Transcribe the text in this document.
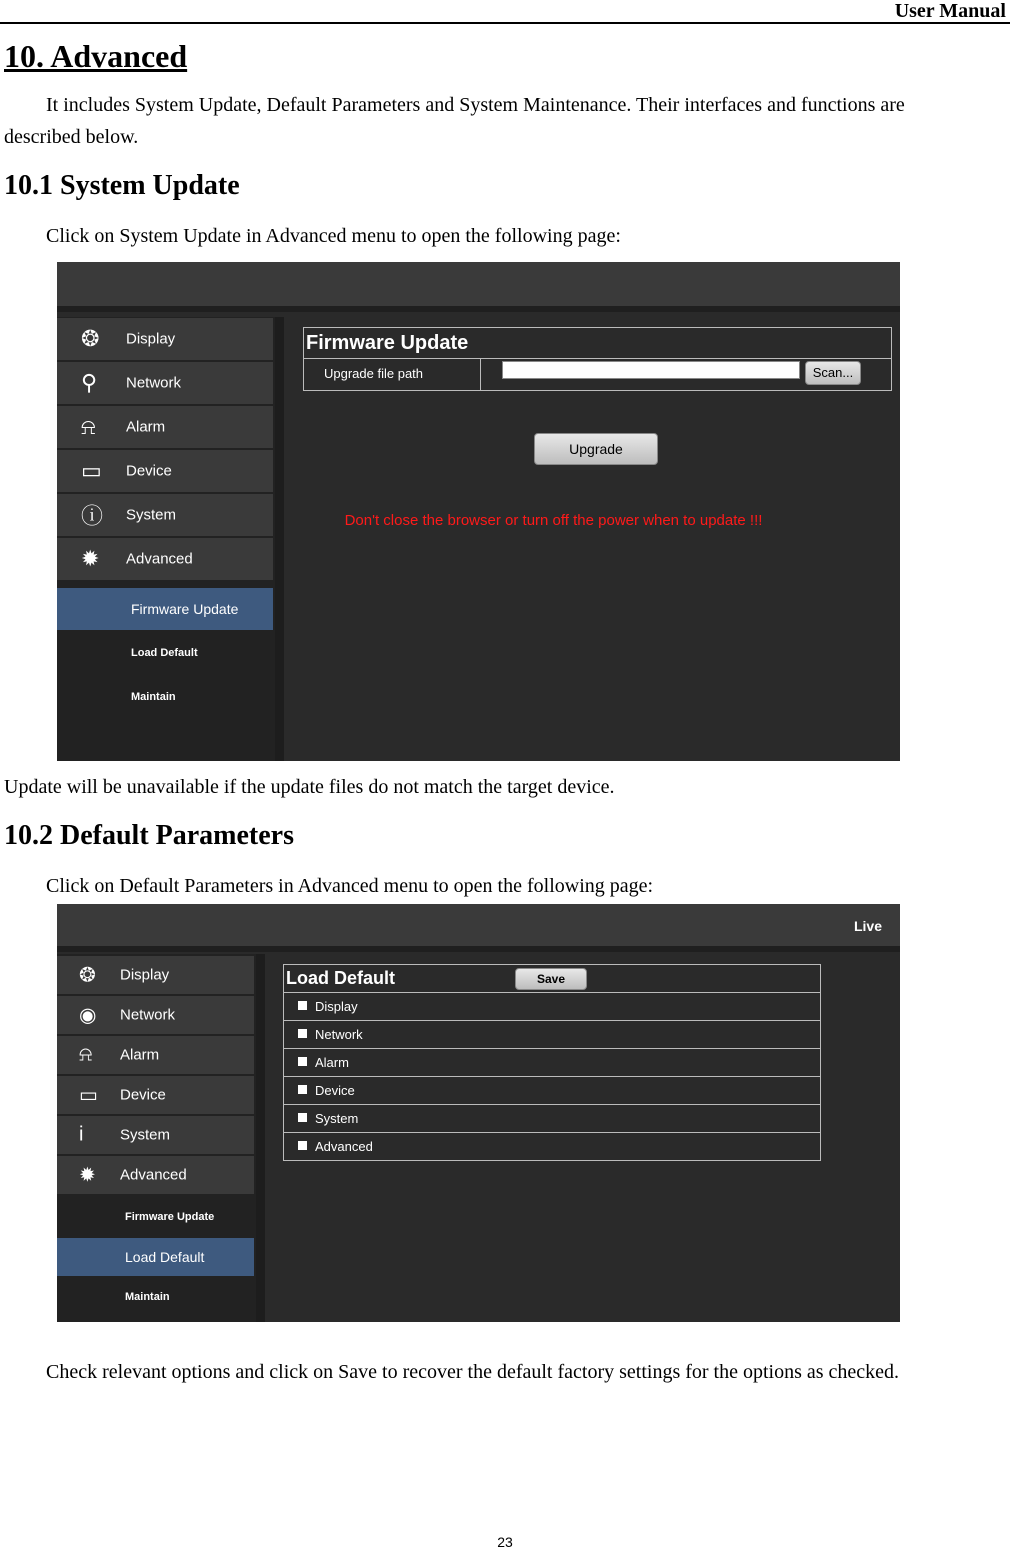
User Manual
10. Advanced

It includes System Update, Default Parameters and System Maintenance. Their interfaces and functions are

described below.

10.1 System Update

Click on System Update in Advanced menu to open the following page:

❂ Display
⚲ Network
⍾ Alarm
▭ Device
ⓘ System
✹ Advanced
Firmware Update
Load Default
Maintain
Firmware Update
Upgrade file path	Scan...
Upgrade
Don't close the browser or turn off the power when to update !!!

Update will be unavailable if the update files do not match the target device.

10.2 Default Parameters

Click on Default Parameters in Advanced menu to open the following page:

Live
❂ Display
◉ Network
⍾ Alarm
▭ Device
i System
✹ Advanced
Firmware Update
Load Default
Maintain
Load Default	Save
Display
Network
Alarm
Device
System
Advanced

Check relevant options and click on Save to recover the default factory settings for the options as checked.

23
